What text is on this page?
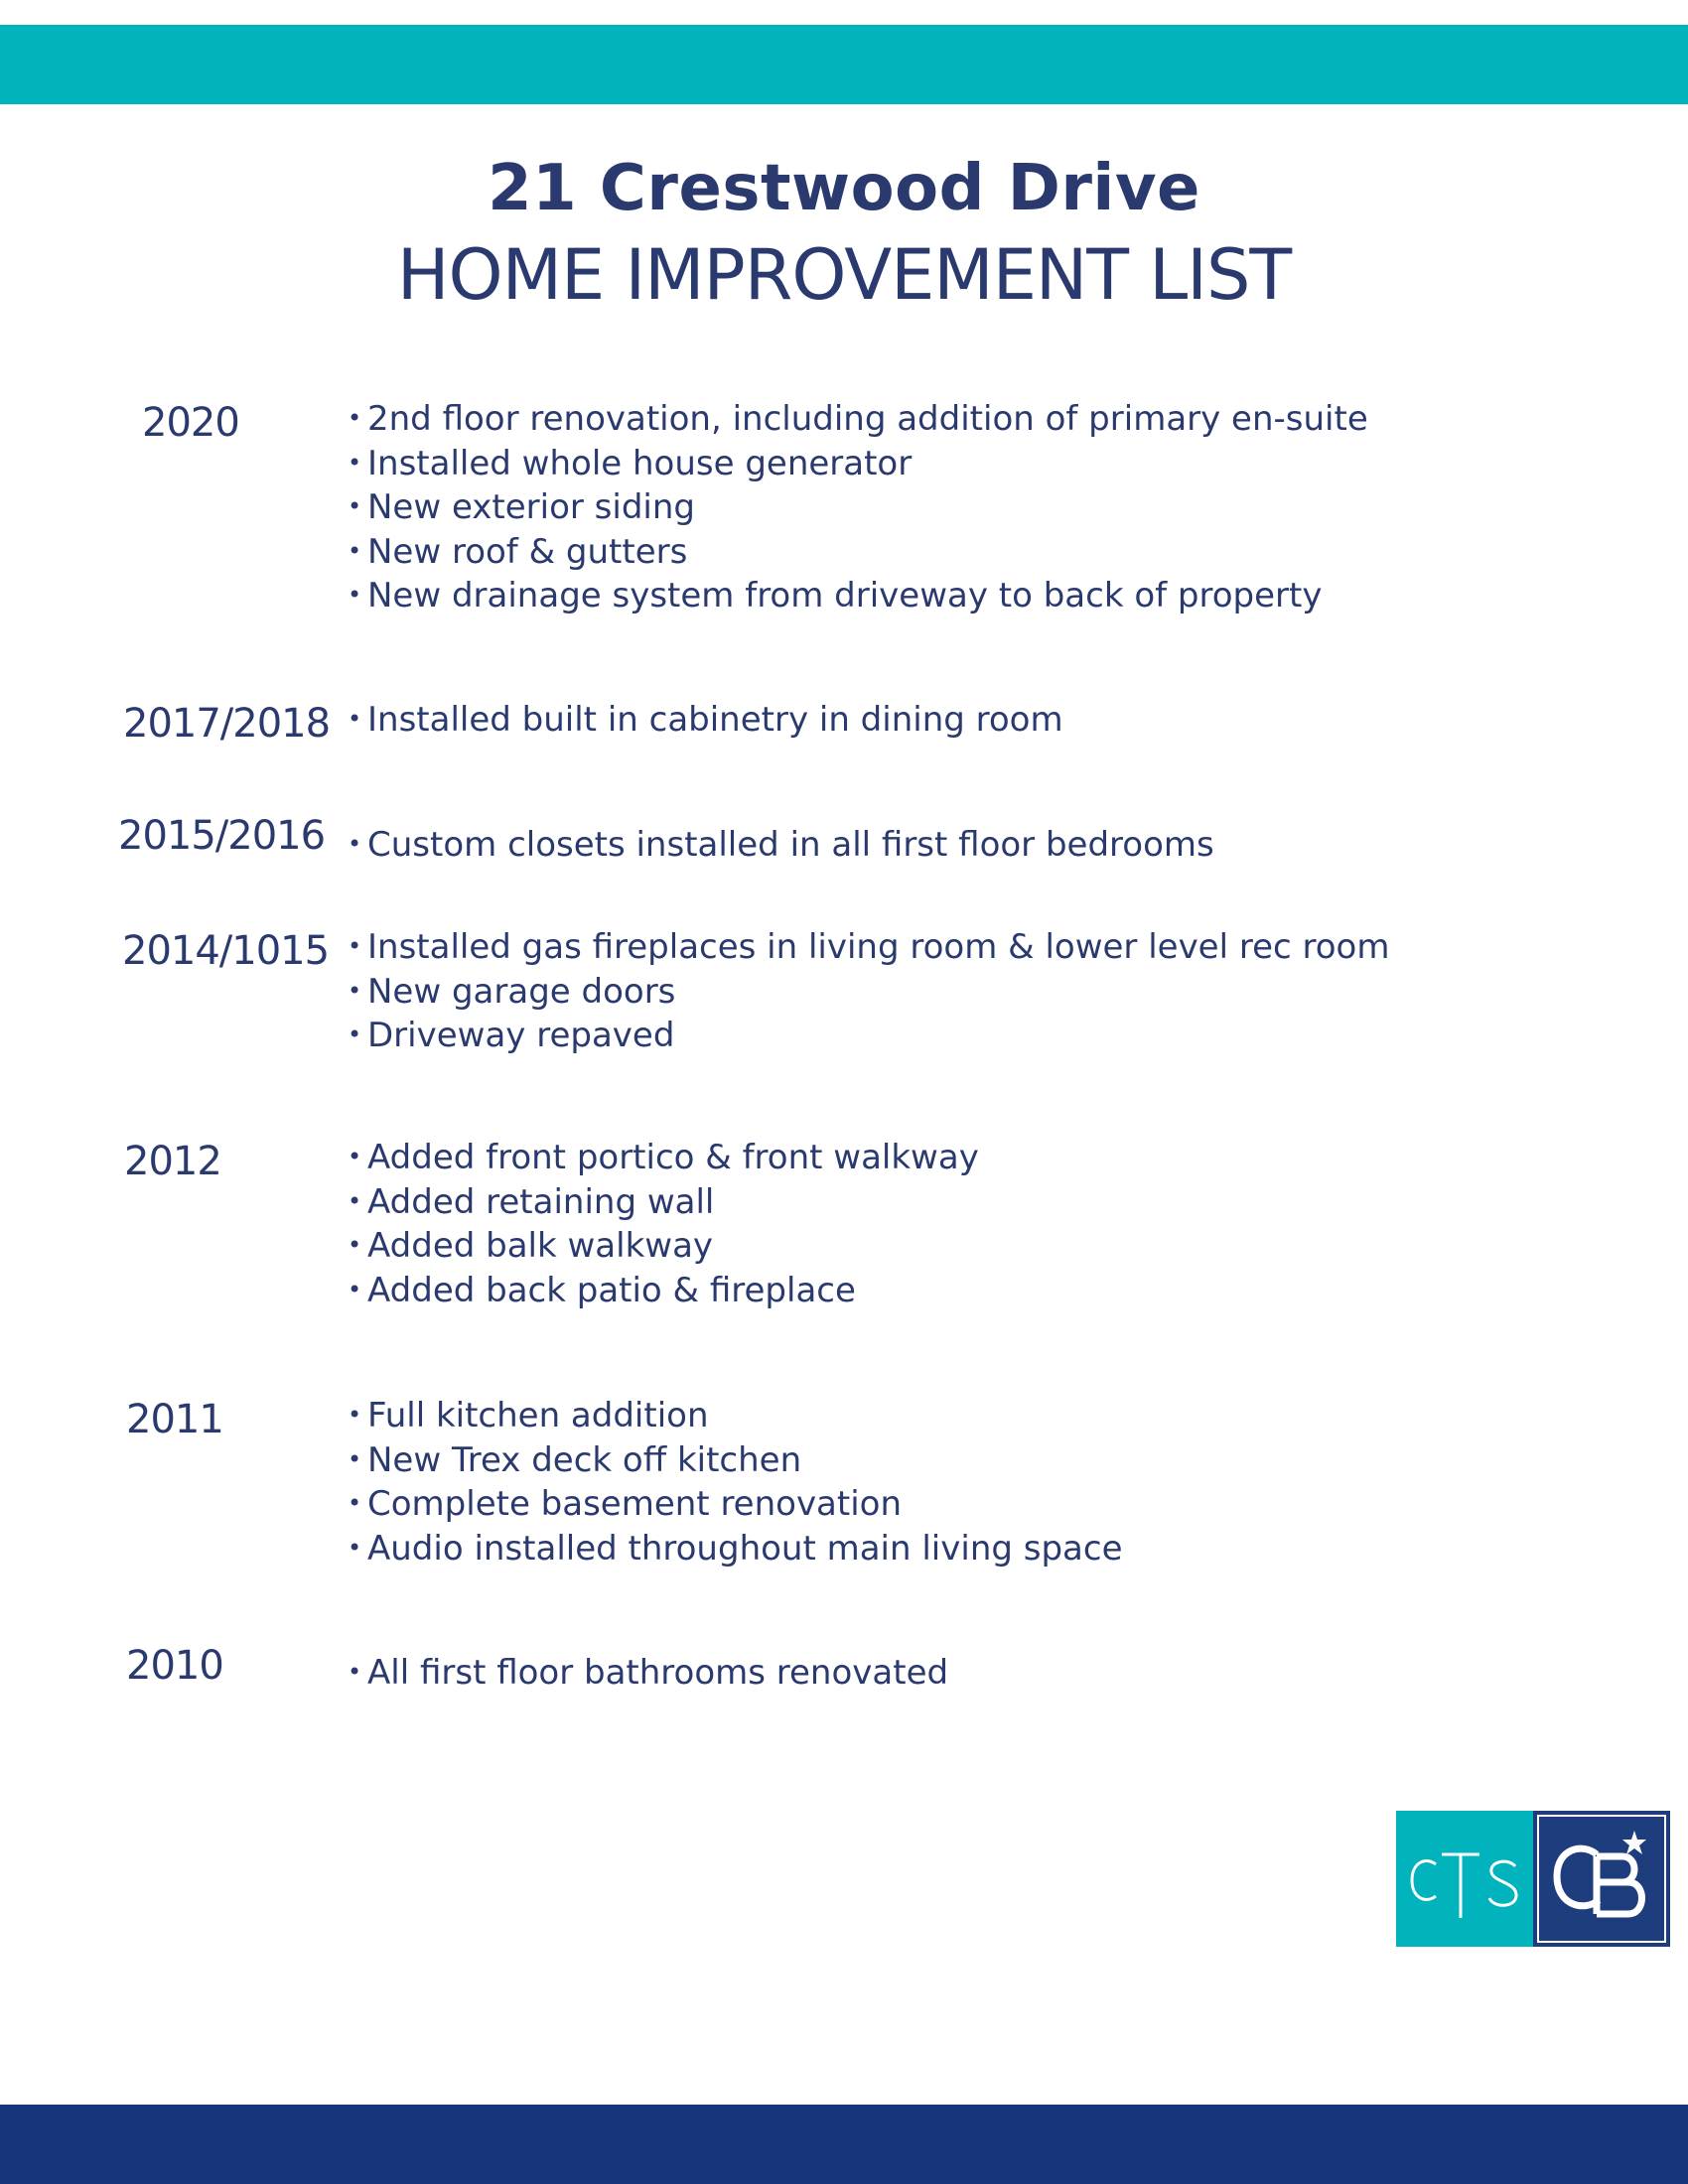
21 Crestwood Drive
HOME IMPROVEMENT LIST
2020	• 2nd floor renovation, including addition of primary en-suite
• Installed whole house generator
• New exterior siding
• New roof & gutters
• New drainage system from driveway to back of property
2017/2018 • Installed built in cabinetry in dining room
2015/2016 • Custom closets installed in all first floor bedrooms
2014/1015 • Installed gas fireplaces in living room & lower level rec room
• New garage doors
• Driveway repaved
2012	• Added front portico & front walkway
• Added retaining wall
• Added balk walkway
• Added back patio & fireplace
2011	• Full kitchen addition
• New Trex deck off kitchen
• Complete basement renovation
• Audio installed throughout main living space
2010	• All first floor bathrooms renovated
